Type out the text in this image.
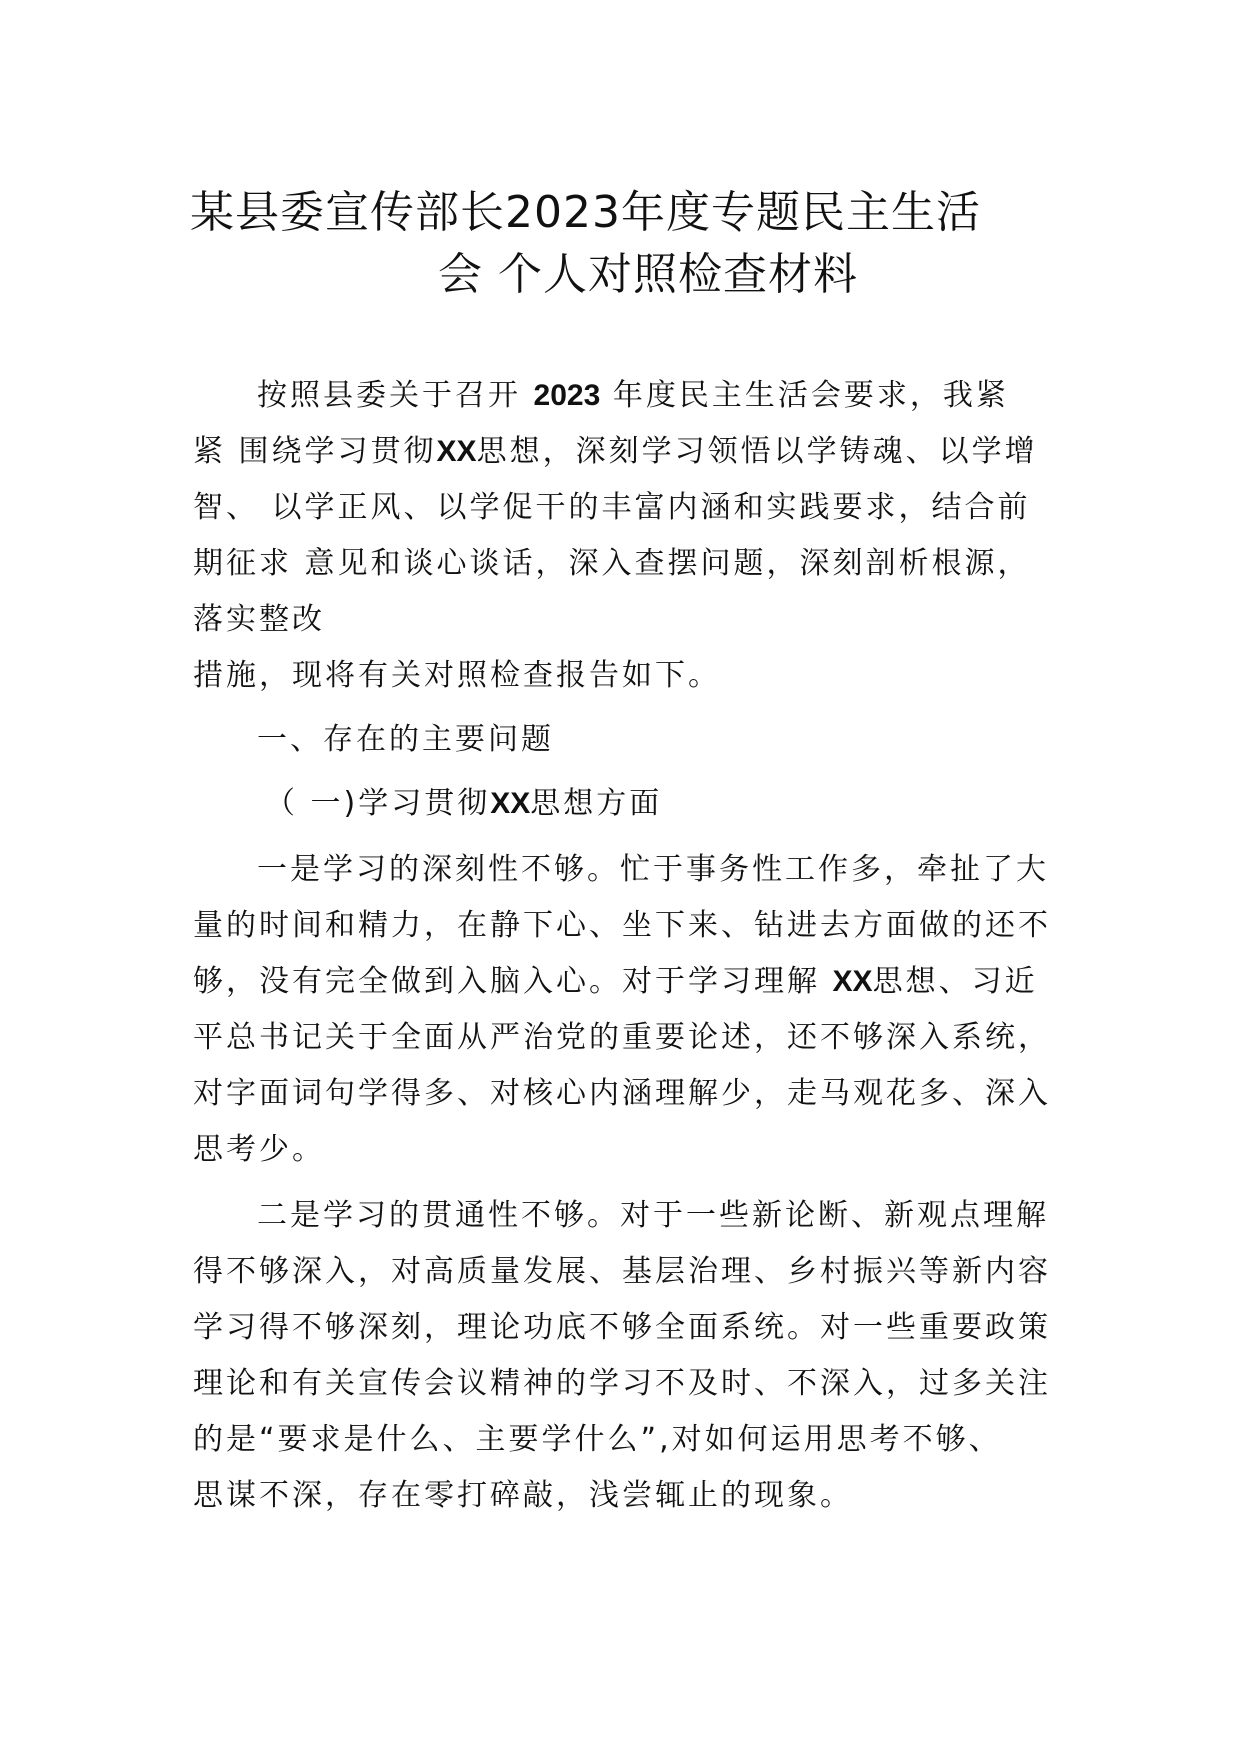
某县委宣传部长2023年度专题民主生活
会 个人对照检查材料
按照县委关于召开 2023 年度民主生活会要求，我紧
紧 围绕学习贯彻XX思想，深刻学习领悟以学铸魂、以学增
智、 以学正风、以学促干的丰富内涵和实践要求，结合前
期征求 意见和谈心谈话，深入查摆问题，深刻剖析根源，
落实整改
措施，现将有关对照检查报告如下。
一、存在的主要问题
（ 一)学习贯彻XX思想方面
一是学习的深刻性不够。忙于事务性工作多，牵扯了大
量的时间和精力，在静下心、坐下来、钻进去方面做的还不
够，没有完全做到入脑入心。对于学习理解 XX思想、习近
平总书记关于全面从严治党的重要论述，还不够深入系统，
对字面词句学得多、对核心内涵理解少，走马观花多、深入
思考少。
二是学习的贯通性不够。对于一些新论断、新观点理解
得不够深入，对高质量发展、基层治理、乡村振兴等新内容
学习得不够深刻，理论功底不够全面系统。对一些重要政策
理论和有关宣传会议精神的学习不及时、不深入，过多关注
的是“要求是什么、主要学什么”,对如何运用思考不够、
思谋不深，存在零打碎敲，浅尝辄止的现象。
